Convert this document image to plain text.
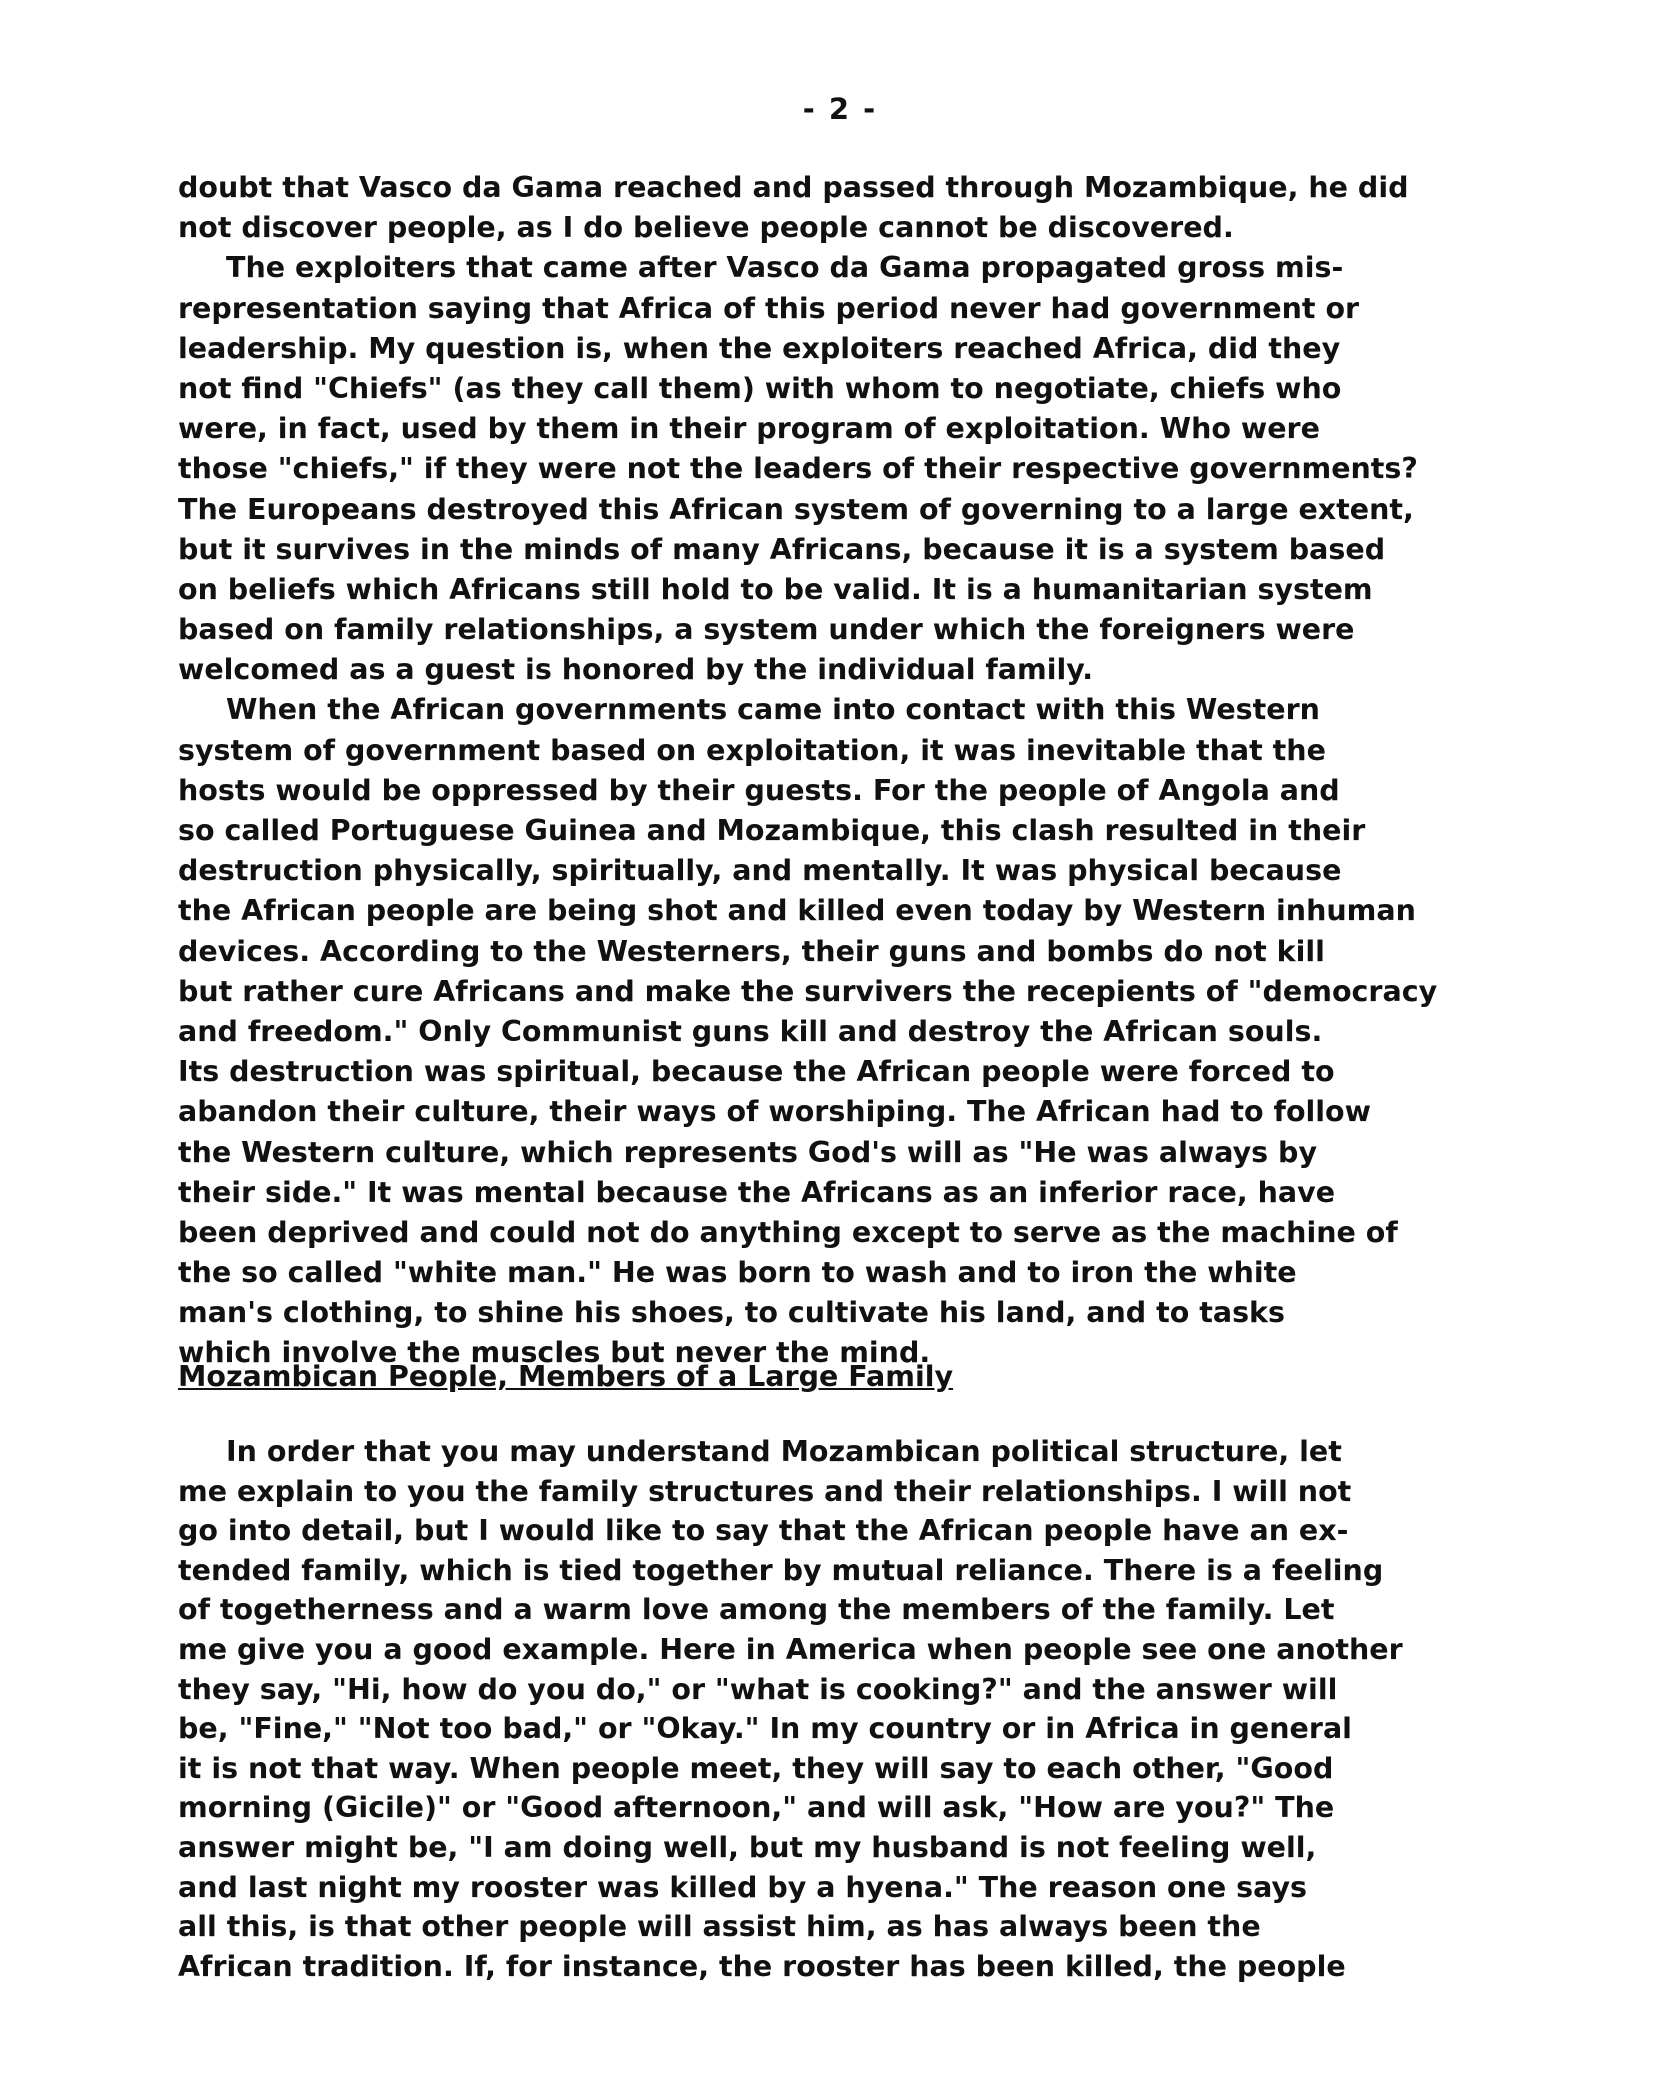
- 2 -
doubt that Vasco da Gama reached and passed through Mozambique, he did
not discover people, as I do believe people cannot be discovered.
The exploiters that came after Vasco da Gama propagated gross mis-
representation saying that Africa of this period never had government or
leadership. My question is, when the exploiters reached Africa, did they
not find "Chiefs" (as they call them) with whom to negotiate, chiefs who
were, in fact, used by them in their program of exploitation. Who were
those "chiefs," if they were not the leaders of their respective governments?
The Europeans destroyed this African system of governing to a large extent,
but it survives in the minds of many Africans, because it is a system based
on beliefs which Africans still hold to be valid. It is a humanitarian system
based on family relationships, a system under which the foreigners were
welcomed as a guest is honored by the individual family.
When the African governments came into contact with this Western
system of government based on exploitation, it was inevitable that the
hosts would be oppressed by their guests. For the people of Angola and
so called Portuguese Guinea and Mozambique, this clash resulted in their
destruction physically, spiritually, and mentally. It was physical because
the African people are being shot and killed even today by Western inhuman
devices. According to the Westerners, their guns and bombs do not kill
but rather cure Africans and make the survivers the recepients of "democracy
and freedom." Only Communist guns kill and destroy the African souls.
Its destruction was spiritual, because the African people were forced to
abandon their culture, their ways of worshiping. The African had to follow
the Western culture, which represents God's will as "He was always by
their side." It was mental because the Africans as an inferior race, have
been deprived and could not do anything except to serve as the machine of
the so called "white man." He was born to wash and to iron the white
man's clothing, to shine his shoes, to cultivate his land, and to tasks
which involve the muscles but never the mind.
Mozambican People, Members of a Large Family
In order that you may understand Mozambican political structure, let
me explain to you the family structures and their relationships. I will not
go into detail, but I would like to say that the African people have an ex-
tended family, which is tied together by mutual reliance. There is a feeling
of togetherness and a warm love among the members of the family. Let
me give you a good example. Here in America when people see one another
they say, "Hi, how do you do," or "what is cooking?" and the answer will
be, "Fine," "Not too bad," or "Okay." In my country or in Africa in general
it is not that way. When people meet, they will say to each other, "Good
morning (Gicile)" or "Good afternoon," and will ask, "How are you?" The
answer might be, "I am doing well, but my husband is not feeling well,
and last night my rooster was killed by a hyena." The reason one says
all this, is that other people will assist him, as has always been the
African tradition. If, for instance, the rooster has been killed, the people
